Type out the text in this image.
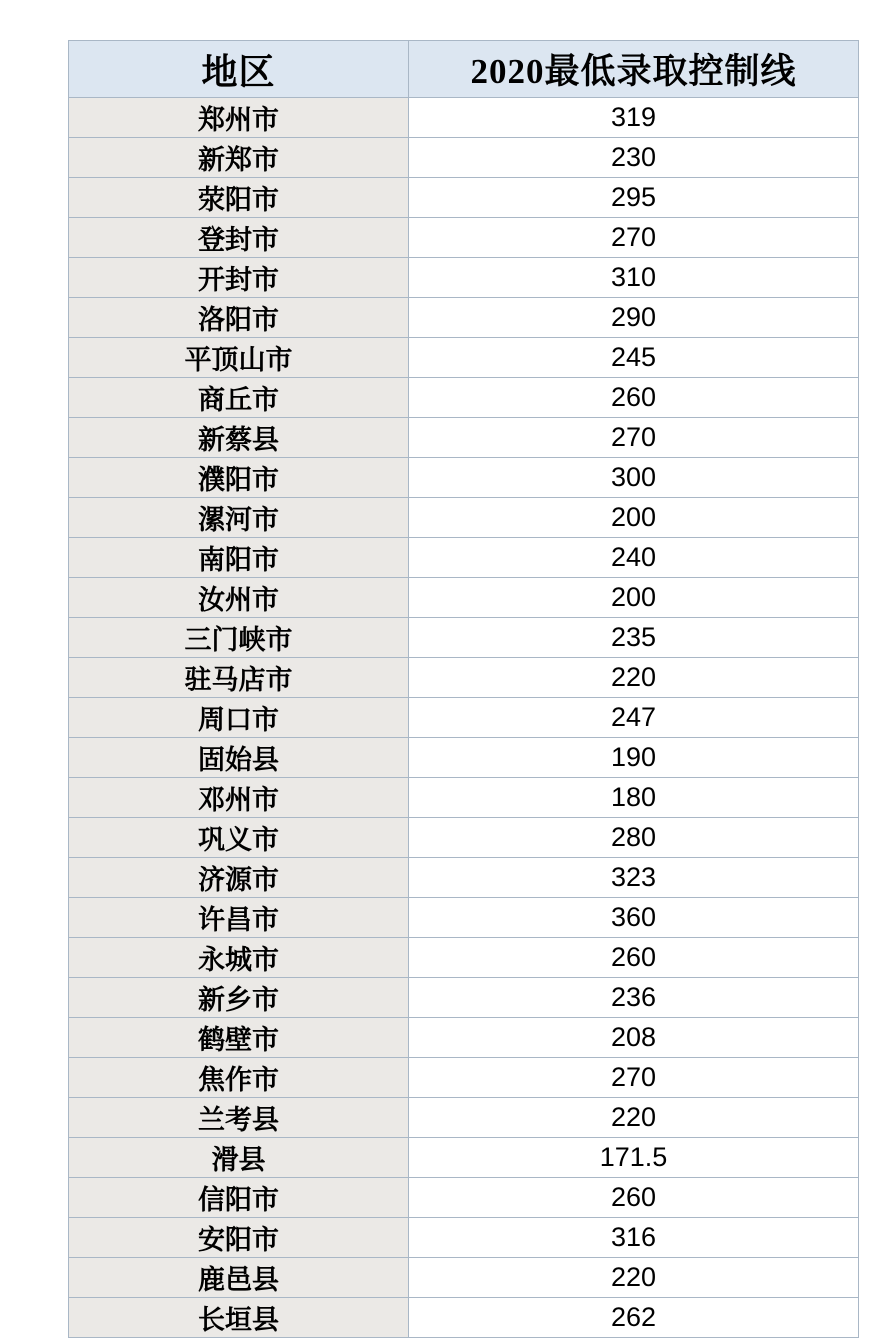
地区	2020最低录取控制线
郑州市	319
新郑市	230
荥阳市	295
登封市	270
开封市	310
洛阳市	290
平顶山市	245
商丘市	260
新蔡县	270
濮阳市	300
漯河市	200
南阳市	240
汝州市	200
三门峡市	235
驻马店市	220
周口市	247
固始县	190
邓州市	180
巩义市	280
济源市	323
许昌市	360
永城市	260
新乡市	236
鹤壁市	208
焦作市	270
兰考县	220
滑县	171.5
信阳市	260
安阳市	316
鹿邑县	220
长垣县	262
